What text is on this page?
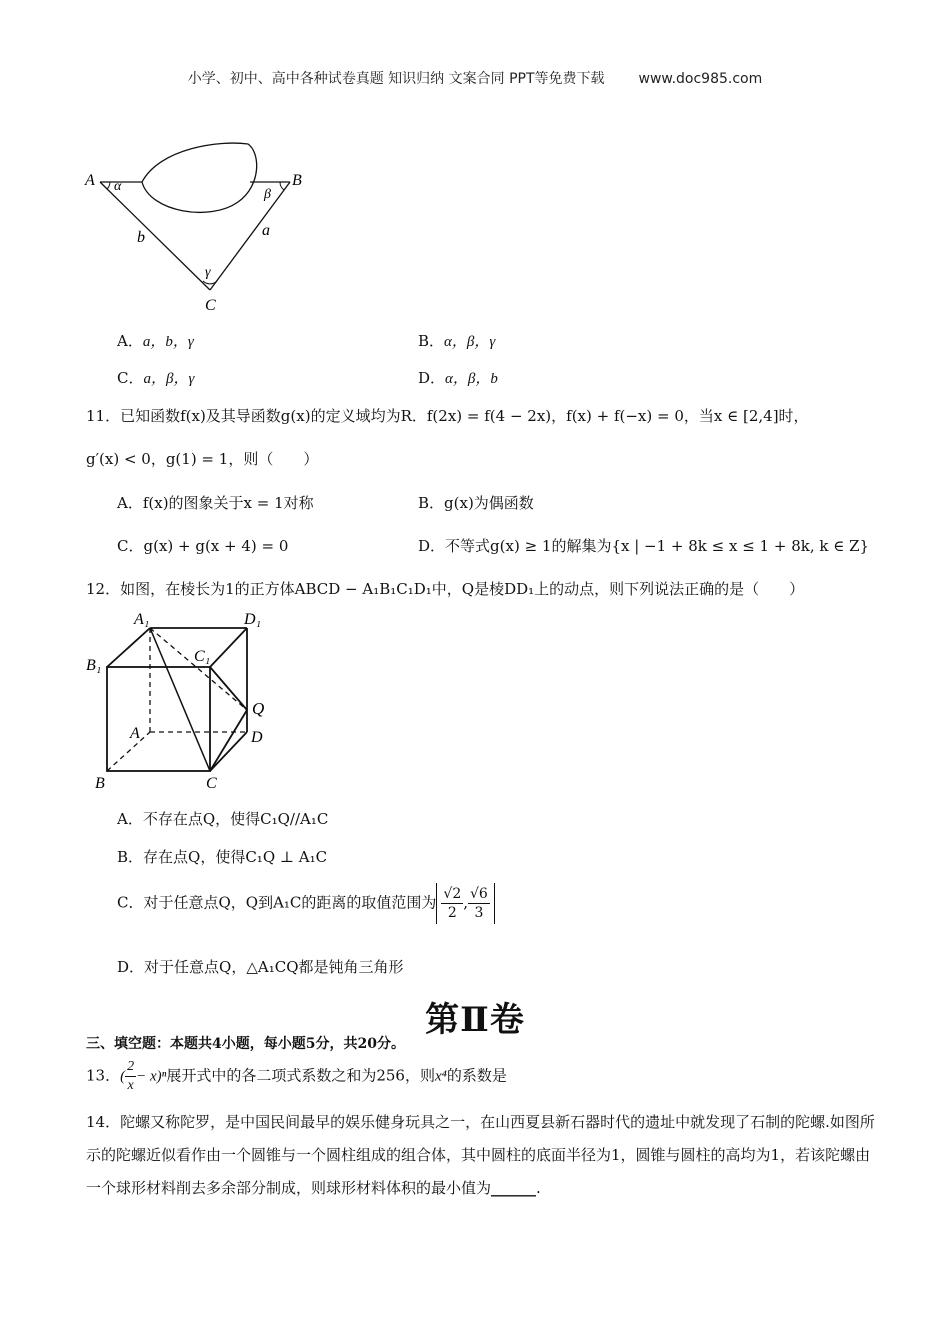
小学、初中、高中各种试卷真题 知识归纳 文案合同 PPT等免费下载 www.doc985.com
A	B
C
α
β
γ
b	a
A．a，b，γ	B．α，β，γ
C．a，β，γ	D．α，β，b
11．已知函数f(x)及其导函数g(x)的定义域均为R．f(2x) = f(4 − 2x)，f(x) + f(−x) = 0，当x ∈ [2,4]时，
g′(x) < 0，g(1) = 1，则（　　）
A．f(x)的图象关于x = 1对称	B．g(x)为偶函数
C．g(x) + g(x + 4) = 0	D．不等式g(x) ≥ 1的解集为{x | −1 + 8k ≤ x ≤ 1 + 8k, k ∈ Z}
12．如图，在棱长为1的正方体ABCD − A₁B₁C₁D₁中，Q是棱DD₁上的动点，则下列说法正确的是（　　）
A₁	D₁
B₁
C₁
Q
A	D
B	C
A．不存在点Q，使得C₁Q//A₁C
B．存在点Q，使得C₁Q ⊥ A₁C
C．对于任意点Q，Q到A₁C的距离的取值范围为 $\frac{√2}{2}$ , $\frac{√6}{3}$
D．对于任意点Q，△A₁CQ都是钝角三角形
第Ⅱ卷
三、填空题：本题共4小题，每小题5分，共20分。
13．( $\frac{2}{x} - x)^n$展开式中的各二项式系数之和为256，则x⁴的系数是
14．陀螺又称陀罗，是中国民间最早的娱乐健身玩具之一，在山西夏县新石器时代的遗址中就发现了石制的陀螺.如图所示的陀螺近似看作由一个圆锥与一个圆柱组成的组合体，其中圆柱的底面半径为1，圆锥与圆柱的高均为1，若该陀螺由一个球形材料削去多余部分制成，则球形材料体积的最小值为______.
